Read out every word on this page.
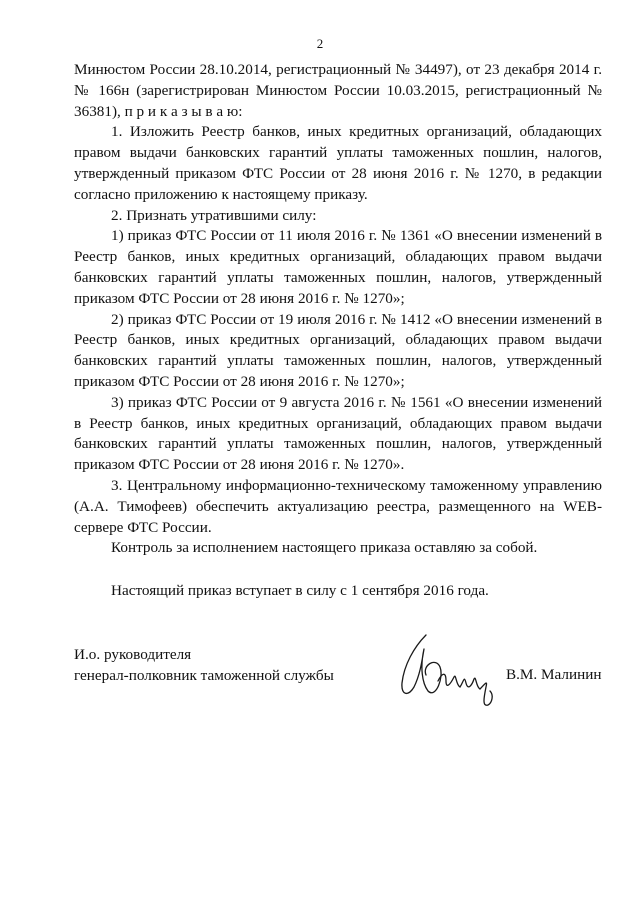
2

Минюстом России 28.10.2014, регистрационный № 34497), от 23 декабря 2014 г. № 166н (зарегистрирован Минюстом России 10.03.2015, регистрационный № 36381), п р и к а з ы в а ю:

1. Изложить Реестр банков, иных кредитных организаций, обладающих правом выдачи банковских гарантий уплаты таможенных пошлин, налогов, утвержденный приказом ФТС России от 28 июня 2016 г. № 1270, в редакции согласно приложению к настоящему приказу.

2. Признать утратившими силу:

1) приказ ФТС России от 11 июля 2016 г. № 1361 «О внесении изменений в Реестр банков, иных кредитных организаций, обладающих правом выдачи банковских гарантий уплаты таможенных пошлин, налогов, утвержденный приказом ФТС России от 28 июня 2016 г. № 1270»;

2) приказ ФТС России от 19 июля 2016 г. № 1412 «О внесении изменений в Реестр банков, иных кредитных организаций, обладающих правом выдачи банковских гарантий уплаты таможенных пошлин, налогов, утвержденный приказом ФТС России от 28 июня 2016 г. № 1270»;

3) приказ ФТС России от 9 августа 2016 г. № 1561 «О внесении изменений в Реестр банков, иных кредитных организаций, обладающих правом выдачи банковских гарантий уплаты таможенных пошлин, налогов, утвержденный приказом ФТС России от 28 июня 2016 г. № 1270».

3. Центральному информационно-техническому таможенному управлению (А.А. Тимофеев) обеспечить актуализацию реестра, размещенного на WEB-сервере ФТС России.

Контроль за исполнением настоящего приказа оставляю за собой.

Настоящий приказ вступает в силу с 1 сентября 2016 года.

И.о. руководителя
генерал-полковник таможенной службы	В.М. Малинин
